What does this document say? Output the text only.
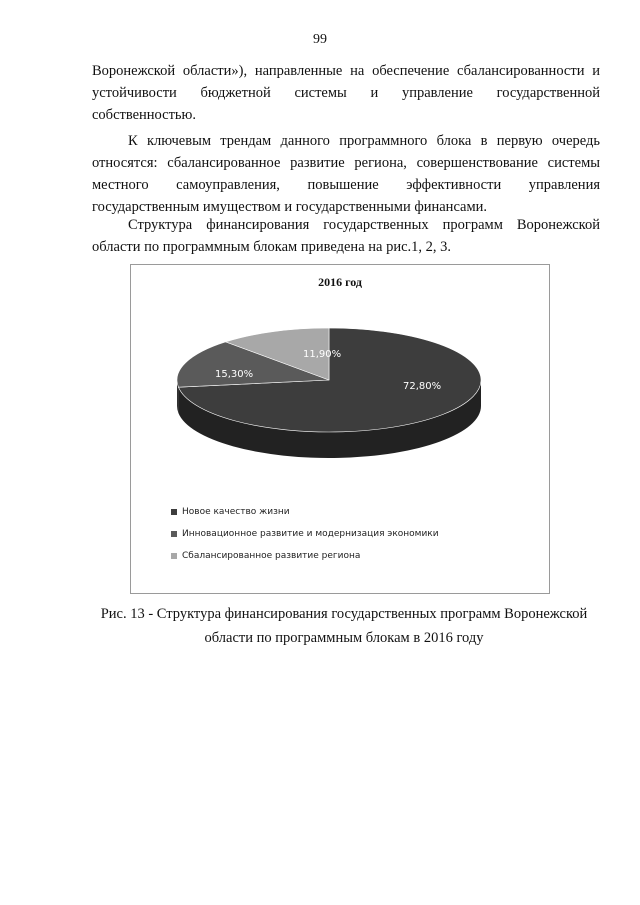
99

Воронежской области»), направленные на обеспечение сбалансированности и устойчивости бюджетной системы и управление государственной собственностью.

К ключевым трендам данного программного блока в первую очередь относятся: сбалансированное развитие региона, совершенствование системы местного самоуправления, повышение эффективности управления государственным имуществом и государственными финансами.

Структура финансирования государственных программ Воронежской области по программным блокам приведена на рис.1, 2, 3.

2016 год
72,80%
15,30%
11,90%
Новое качество жизни
Инновационное развитие и модернизация экономики
Сбалансированное развитие региона
Рис. 13 - Структура финансирования государственных программ Воронежской области по программным блокам в 2016 году
